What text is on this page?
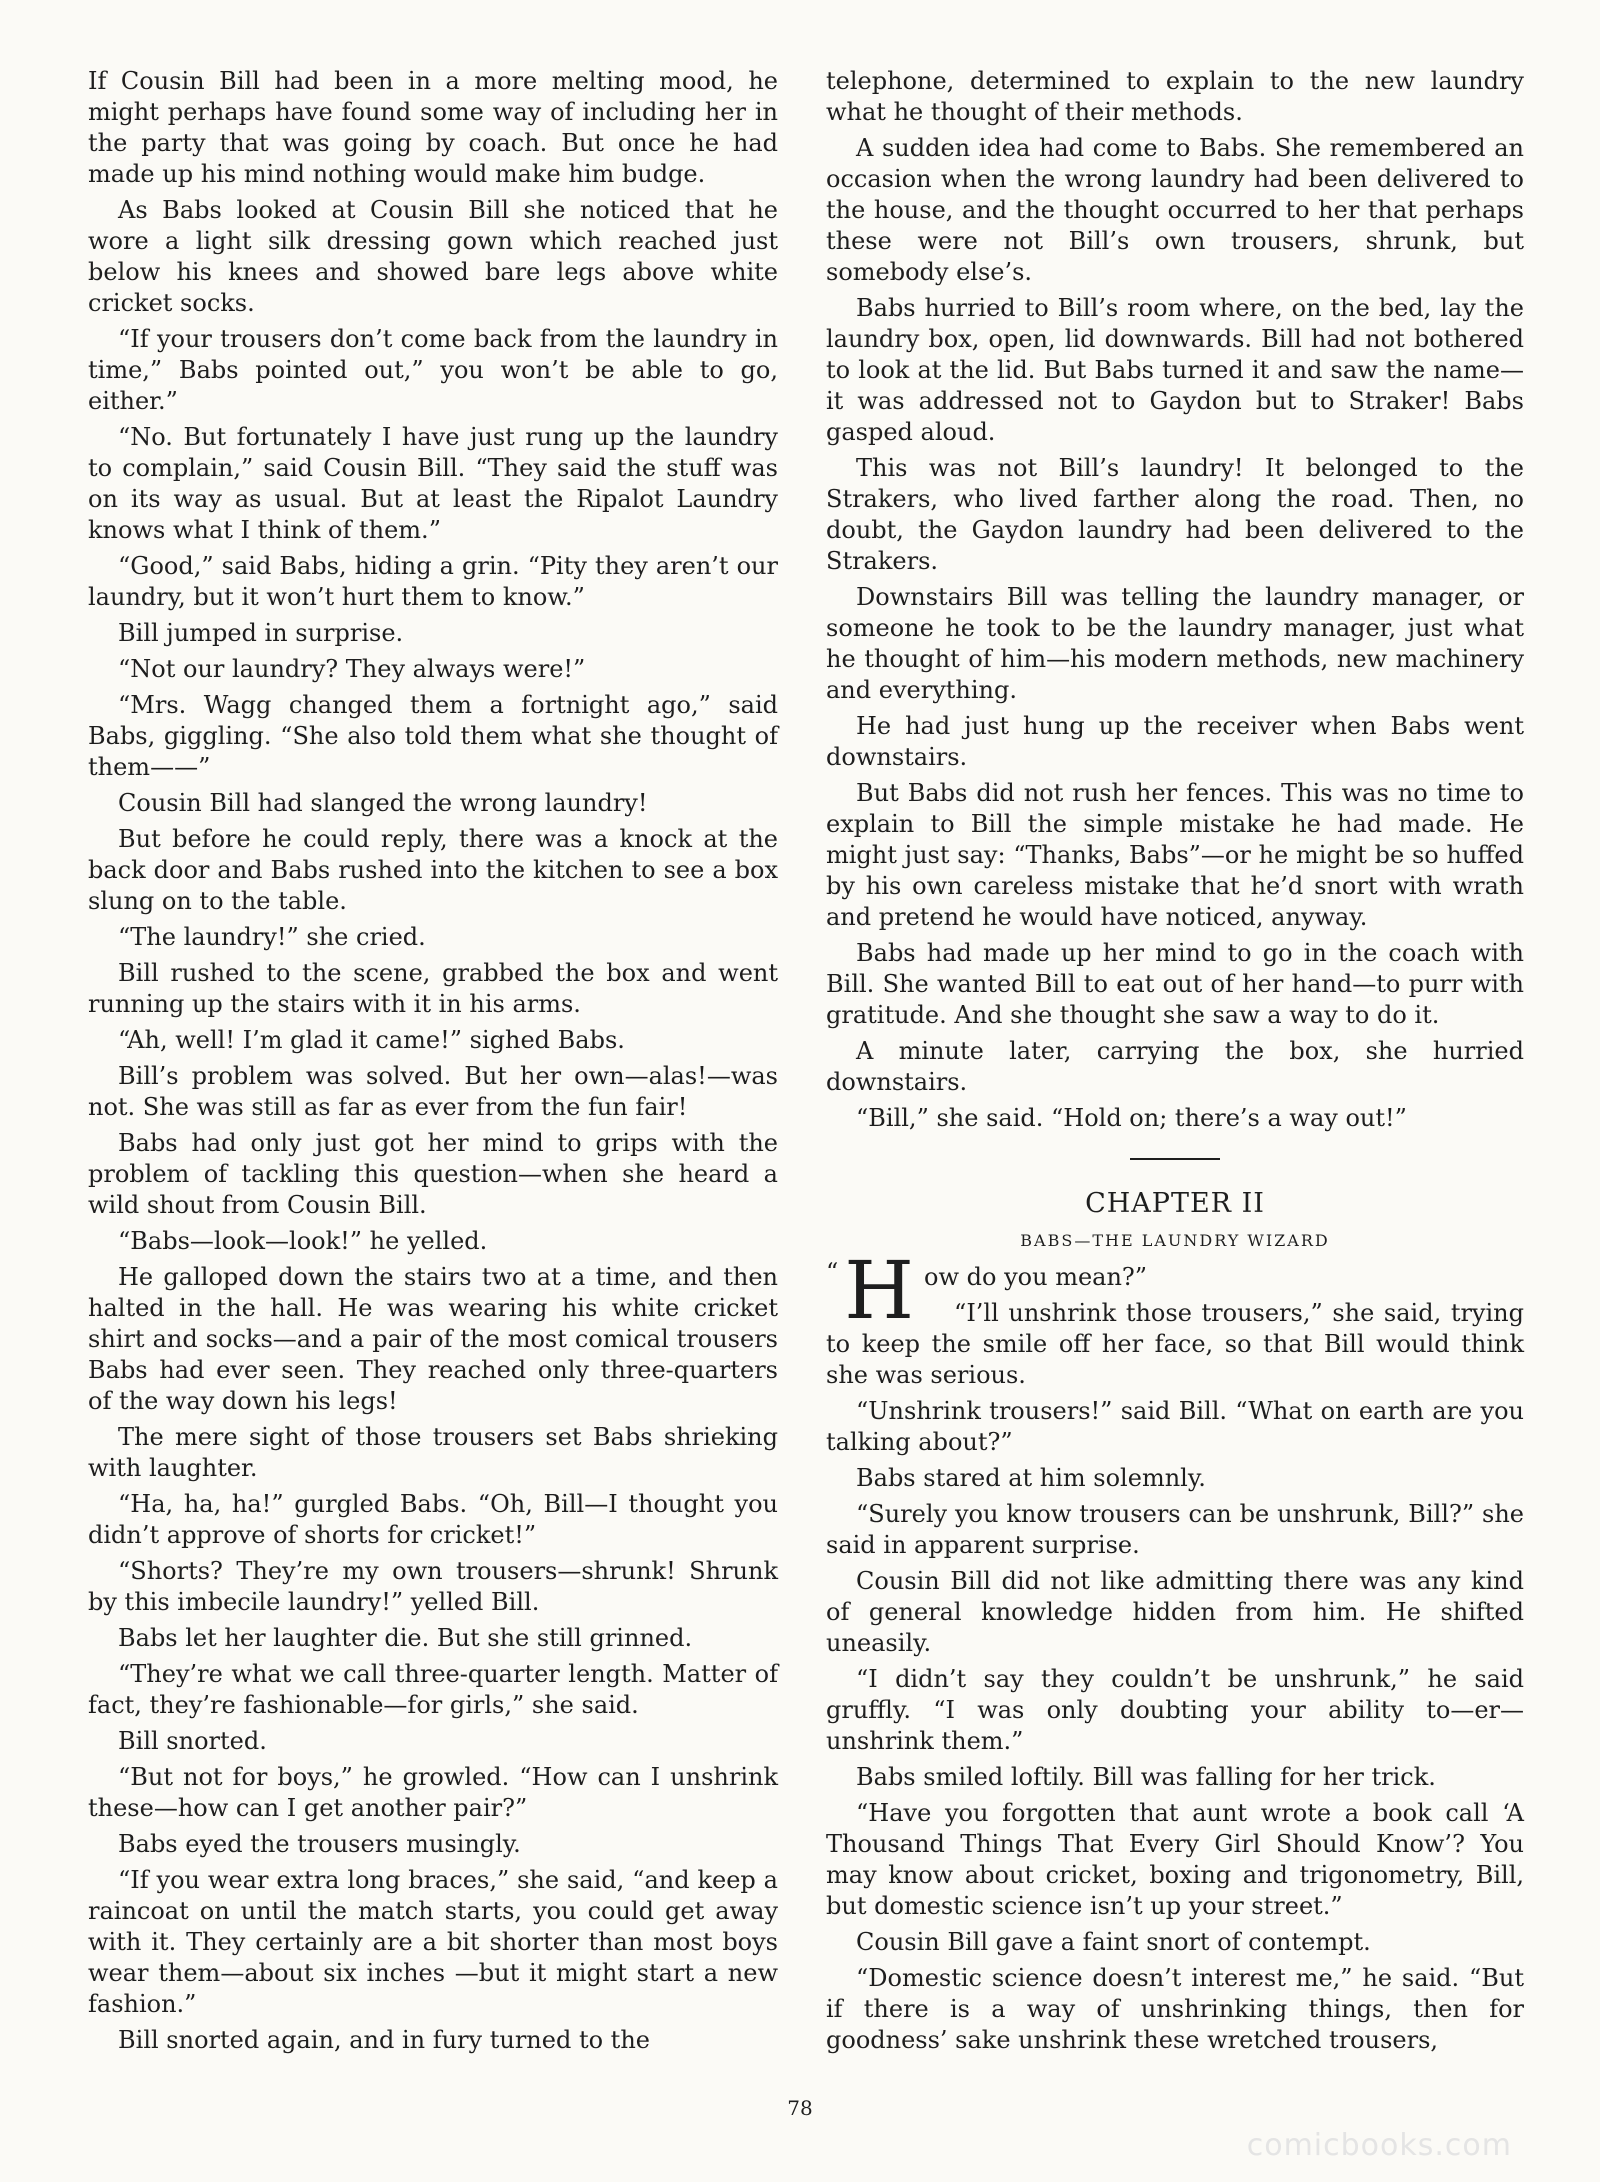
If Cousin Bill had been in a more melting mood, he might perhaps have found some way of including her in the party that was going by coach. But once he had made up his mind nothing would make him budge.

As Babs looked at Cousin Bill she noticed that he wore a light silk dressing gown which reached just below his knees and showed bare legs above white cricket socks.

“If your trousers don’t come back from the laundry in time,” Babs pointed out,” you won’t be able to go, either.”

“No. But fortunately I have just rung up the laundry to complain,” said Cousin Bill. “They said the stuff was on its way as usual. But at least the Ripalot Laundry knows what I think of them.”

“Good,” said Babs, hiding a grin. “Pity they aren’t our laundry, but it won’t hurt them to know.”

Bill jumped in surprise.

“Not our laundry? They always were!”

“Mrs. Wagg changed them a fortnight ago,” said Babs, giggling. “She also told them what she thought of them——”

Cousin Bill had slanged the wrong laundry!

But before he could reply, there was a knock at the back door and Babs rushed into the kitchen to see a box slung on to the table.

“The laundry!” she cried.

Bill rushed to the scene, grabbed the box and went running up the stairs with it in his arms.

“Ah, well! I’m glad it came!” sighed Babs.

Bill’s problem was solved. But her own—alas!—was not. She was still as far as ever from the fun fair!

Babs had only just got her mind to grips with the problem of tackling this question—when she heard a wild shout from Cousin Bill.

“Babs—look—look!” he yelled.

He galloped down the stairs two at a time, and then halted in the hall. He was wearing his white cricket shirt and socks—and a pair of the most comical trousers Babs had ever seen. They reached only three-quarters of the way down his legs!

The mere sight of those trousers set Babs shrieking with laughter.

“Ha, ha, ha!” gurgled Babs. “Oh, Bill—I thought you didn’t approve of shorts for cricket!”

“Shorts? They’re my own trousers—shrunk! Shrunk by this imbecile laundry!” yelled Bill.

Babs let her laughter die. But she still grinned.

“They’re what we call three-quarter length. Matter of fact, they’re fashionable—for girls,” she said.

Bill snorted.

“But not for boys,” he growled. “How can I unshrink these—how can I get another pair?”

Babs eyed the trousers musingly.

“If you wear extra long braces,” she said, “and keep a raincoat on until the match starts, you could get away with it. They certainly are a bit shorter than most boys wear them—about six inches —but it might start a new fashion.”

Bill snorted again, and in fury turned to the

telephone, determined to explain to the new laundry what he thought of their methods.

A sudden idea had come to Babs. She remembered an occasion when the wrong laundry had been delivered to the house, and the thought occurred to her that perhaps these were not Bill’s own trousers, shrunk, but somebody else’s.

Babs hurried to Bill’s room where, on the bed, lay the laundry box, open, lid downwards. Bill had not bothered to look at the lid. But Babs turned it and saw the name—it was addressed not to Gaydon but to Straker! Babs gasped aloud.

This was not Bill’s laundry! It belonged to the Strakers, who lived farther along the road. Then, no doubt, the Gaydon laundry had been delivered to the Strakers.

Downstairs Bill was telling the laundry manager, or someone he took to be the laundry manager, just what he thought of him—his modern methods, new machinery and everything.

He had just hung up the receiver when Babs went downstairs.

But Babs did not rush her fences. This was no time to explain to Bill the simple mistake he had made. He might just say: “Thanks, Babs”—or he might be so huffed by his own careless mistake that he’d snort with wrath and pretend he would have noticed, anyway.

Babs had made up her mind to go in the coach with Bill. She wanted Bill to eat out of her hand—to purr with gratitude. And she thought she saw a way to do it.

A minute later, carrying the box, she hurried downstairs.

“Bill,” she said. “Hold on; there’s a way out!”

CHAPTER II
BABS—THE LAUNDRY WIZARD

“H ow do you mean?”

“I’ll unshrink those trousers,” she said, trying to keep the smile off her face, so that Bill would think she was serious.

“Unshrink trousers!” said Bill. “What on earth are you talking about?”

Babs stared at him solemnly.

“Surely you know trousers can be unshrunk, Bill?” she said in apparent surprise.

Cousin Bill did not like admitting there was any kind of general knowledge hidden from him. He shifted uneasily.

“I didn’t say they couldn’t be unshrunk,” he said gruffly. “I was only doubting your ability to—er—unshrink them.”

Babs smiled loftily. Bill was falling for her trick.

“Have you forgotten that aunt wrote a book call ‘A Thousand Things That Every Girl Should Know’? You may know about cricket, boxing and trigonometry, Bill, but domestic science isn’t up your street.”

Cousin Bill gave a faint snort of contempt.

“Domestic science doesn’t interest me,” he said. “But if there is a way of unshrinking things, then for goodness’ sake unshrink these wretched trousers,

78
comicbooks.com
